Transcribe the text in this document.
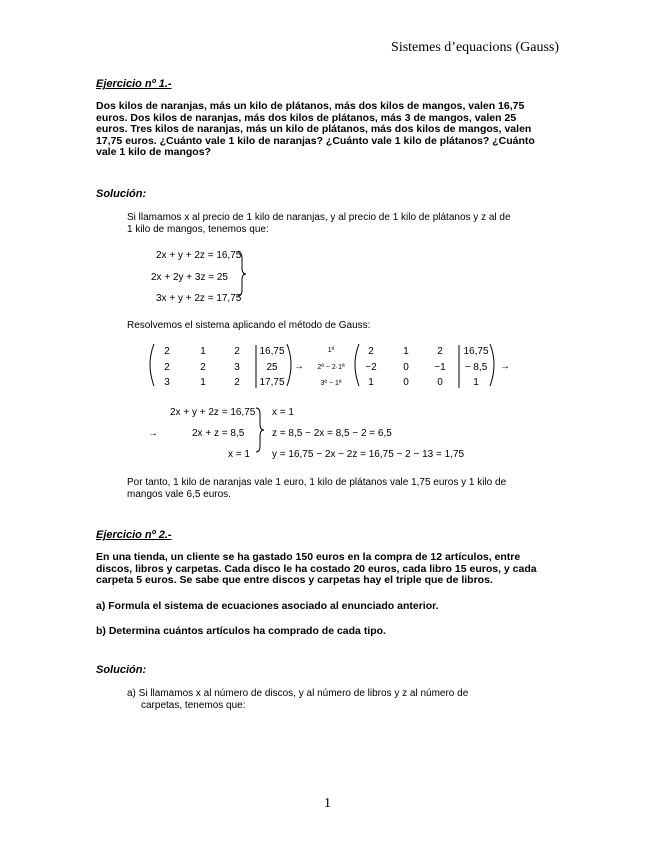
Sistemes d’equacions (Gauss)
Ejercicio nº 1.-
Dos kilos de naranjas, más un kilo de plátanos, más dos kilos de mangos, valen 16,75
euros. Dos kilos de naranjas, más dos kilos de plátanos, más 3 de mangos, valen 25
euros. Tres kilos de naranjas, más un kilo de plátanos, más dos kilos de mangos, valen
17,75 euros. ¿Cuánto vale 1 kilo de naranjas? ¿Cuánto vale 1 kilo de plátanos? ¿Cuánto
vale 1 kilo de mangos?
Solución:
Si llamamos x al precio de 1 kilo de naranjas, y al precio de 1 kilo de plátanos y z al de
1 kilo de mangos, tenemos que:
2x + y + 2z = 16,75
2x + 2y + 3z = 25
3x + y + 2z = 17,75
Resolvemos el sistema aplicando el método de Gauss:
2	1	2	16,75
2	2	3	25
3	1	2	17,75
→
1ª
2ª − 2·1ª
3ª − 1ª
2	1	2	16,75
−2	0	−1	− 8,5
1	0	0	1
→
2x + y + 2z = 16,75
→	2x + z = 8,5
x = 1
x = 1
z = 8,5 − 2x = 8,5 − 2 = 6,5
y = 16,75 − 2x − 2z = 16,75 − 2 − 13 = 1,75
Por tanto, 1 kilo de naranjas vale 1 euro, 1 kilo de plátanos vale 1,75 euros y 1 kilo de
mangos vale 6,5 euros.
Ejercicio nº 2.-
En una tienda, un cliente se ha gastado 150 euros en la compra de 12 artículos, entre
discos, libros y carpetas. Cada disco le ha costado 20 euros, cada libro 15 euros, y cada
carpeta 5 euros. Se sabe que entre discos y carpetas hay el triple que de libros.
a) Formula el sistema de ecuaciones asociado al enunciado anterior.
b) Determina cuántos artículos ha comprado de cada tipo.
Solución:
a) Si llamamos x al número de discos, y al número de libros y z al número de
carpetas, tenemos que:
1
